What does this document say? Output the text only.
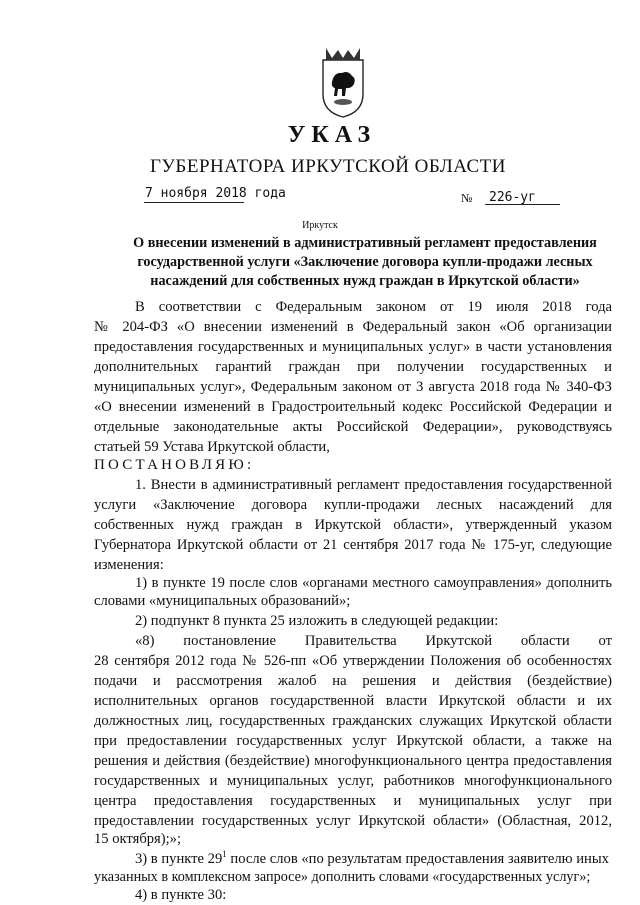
УКАЗ
ГУБЕРНАТОРА ИРКУТСКОЙ ОБЛАСТИ
7 ноября 2018 года	№ 226-уг
Иркутск
О внесении изменений в административный регламент предоставления государственной услуги «Заключение договора купли-продажи лесных насаждений для собственных нужд граждан в Иркутской области»
В соответствии с Федеральным законом от 19 июля 2018 года
№ 204-ФЗ «О внесении изменений в Федеральный закон «Об организации
предоставления государственных и муниципальных услуг» в части установления
дополнительных гарантий граждан при получении государственных и
муниципальных услуг», Федеральным законом от 3 августа 2018 года № 340-ФЗ
«О внесении изменений в Градостроительный кодекс Российской Федерации и
отдельные законодательные акты Российской Федерации», руководствуясь
статьей 59 Устава Иркутской области,
ПОСТАНОВЛЯЮ:
1. Внести в административный регламент предоставления государственной
услуги «Заключение договора купли-продажи лесных насаждений для
собственных нужд граждан в Иркутской области», утвержденный указом
Губернатора Иркутской области от 21 сентября 2017 года № 175-уг, следующие
изменения:
1) в пункте 19 после слов «органами местного самоуправления» дополнить
словами «муниципальных образований»;
2) подпункт 8 пункта 25 изложить в следующей редакции:
«8) постановление Правительства Иркутской области от
28 сентября 2012 года № 526-пп «Об утверждении Положения об особенностях
подачи и рассмотрения жалоб на решения и действия (бездействие)
исполнительных органов государственной власти Иркутской области и их
должностных лиц, государственных гражданских служащих Иркутской области
при предоставлении государственных услуг Иркутской области, а также на
решения и действия (бездействие) многофункционального центра предоставления
государственных и муниципальных услуг, работников многофункционального
центра предоставления государственных и муниципальных услуг при
предоставлении государственных услуг Иркутской области» (Областная, 2012,
15 октября);»;
3) в пункте $29^1$ после слов «по результатам предоставления заявителю иных
указанных в комплексном запросе» дополнить словами «государственных услуг»;
4) в пункте 30:
